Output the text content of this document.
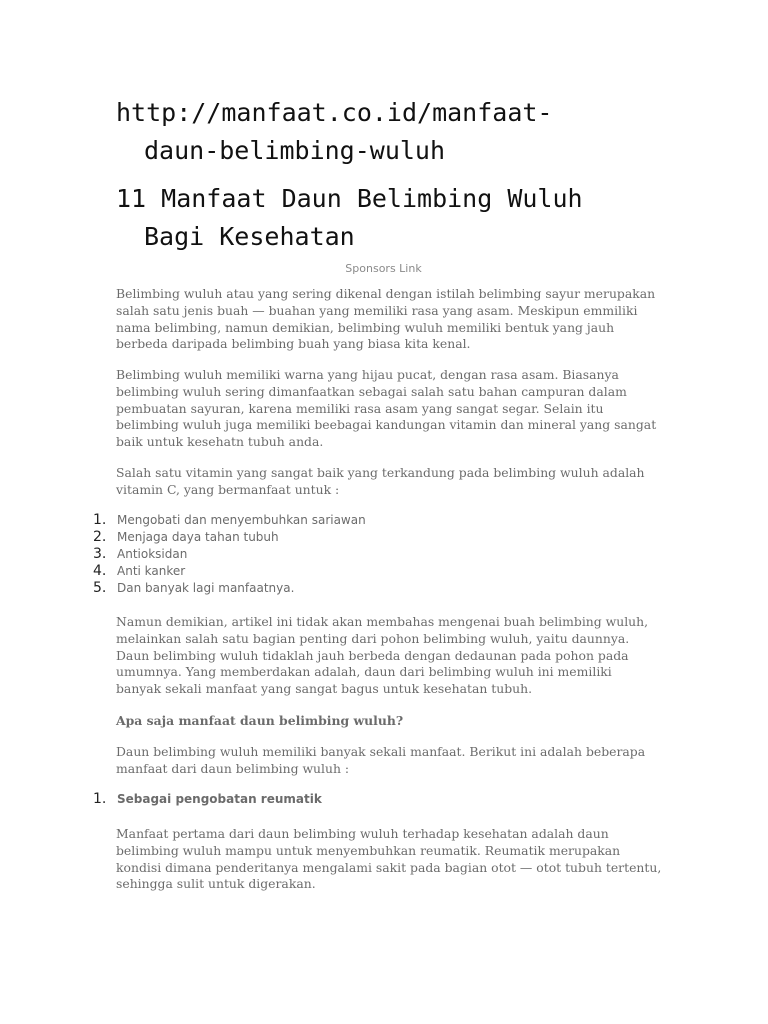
http://manfaat.co.id/manfaat-
daun-belimbing-wuluh
11 Manfaat Daun Belimbing Wuluh
Bagi Kesehatan
Sponsors Link

Belimbing wuluh atau yang sering dikenal dengan istilah belimbing sayur merupakan
salah satu jenis buah — buahan yang memiliki rasa yang asam. Meskipun emmiliki
nama belimbing, namun demikian, belimbing wuluh memiliki bentuk yang jauh
berbeda daripada belimbing buah yang biasa kita kenal.

Belimbing wuluh memiliki warna yang hijau pucat, dengan rasa asam. Biasanya
belimbing wuluh sering dimanfaatkan sebagai salah satu bahan campuran dalam
pembuatan sayuran, karena memiliki rasa asam yang sangat segar. Selain itu
belimbing wuluh juga memiliki beebagai kandungan vitamin dan mineral yang sangat
baik untuk kesehatn tubuh anda.

Salah satu vitamin yang sangat baik yang terkandung pada belimbing wuluh adalah
vitamin C, yang bermanfaat untuk :

1. Mengobati dan menyembuhkan sariawan
2. Menjaga daya tahan tubuh
3. Antioksidan
4. Anti kanker
5. Dan banyak lagi manfaatnya.

Namun demikian, artikel ini tidak akan membahas mengenai buah belimbing wuluh,
melainkan salah satu bagian penting dari pohon belimbing wuluh, yaitu daunnya.
Daun belimbing wuluh tidaklah jauh berbeda dengan dedaunan pada pohon pada
umumnya. Yang memberdakan adalah, daun dari belimbing wuluh ini memiliki
banyak sekali manfaat yang sangat bagus untuk kesehatan tubuh.

Apa saja manfaat daun belimbing wuluh?

Daun belimbing wuluh memiliki banyak sekali manfaat. Berikut ini adalah beberapa
manfaat dari daun belimbing wuluh :

1. Sebagai pengobatan reumatik

Manfaat pertama dari daun belimbing wuluh terhadap kesehatan adalah daun
belimbing wuluh mampu untuk menyembuhkan reumatik. Reumatik merupakan
kondisi dimana penderitanya mengalami sakit pada bagian otot — otot tubuh tertentu,
sehingga sulit untuk digerakan.
